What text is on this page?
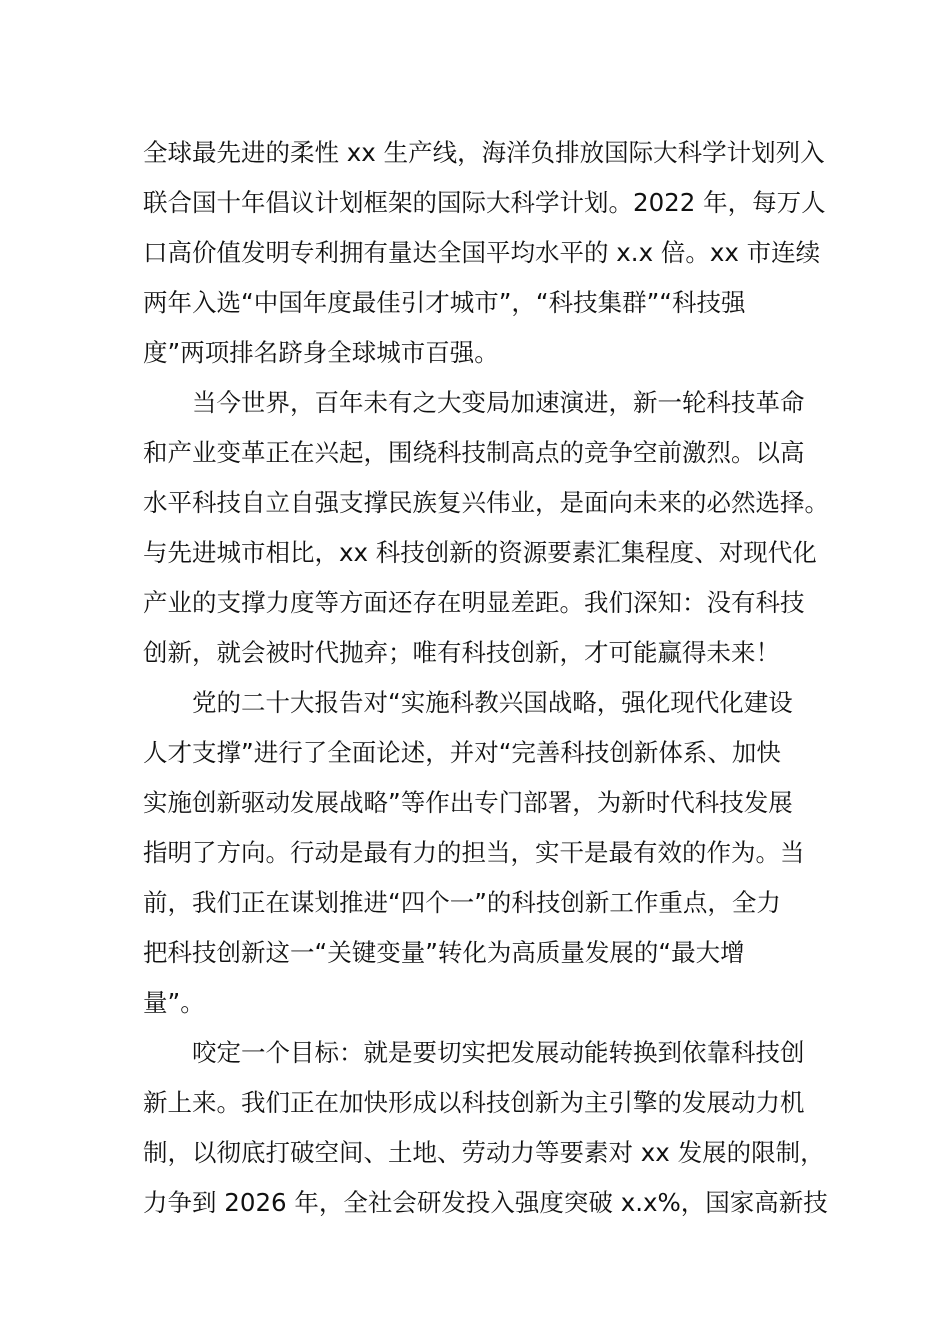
全球最先进的柔性 xx 生产线，海洋负排放国际大科学计划列入
联合国十年倡议计划框架的国际大科学计划。2022 年，每万人
口高价值发明专利拥有量达全国平均水平的 x.x 倍。xx 市连续
两年入选“中国年度最佳引才城市”，“科技集群”“科技强
度”两项排名跻身全球城市百强。
当今世界，百年未有之大变局加速演进，新一轮科技革命
和产业变革正在兴起，围绕科技制高点的竞争空前激烈。以高
水平科技自立自强支撑民族复兴伟业，是面向未来的必然选择。
与先进城市相比，xx 科技创新的资源要素汇集程度、对现代化
产业的支撑力度等方面还存在明显差距。我们深知：没有科技
创新，就会被时代抛弃；唯有科技创新，才可能赢得未来！
党的二十大报告对“实施科教兴国战略，强化现代化建设
人才支撑”进行了全面论述，并对“完善科技创新体系、加快
实施创新驱动发展战略”等作出专门部署，为新时代科技发展
指明了方向。行动是最有力的担当，实干是最有效的作为。当
前，我们正在谋划推进“四个一”的科技创新工作重点，全力
把科技创新这一“关键变量”转化为高质量发展的“最大增
量”。
咬定一个目标：就是要切实把发展动能转换到依靠科技创
新上来。我们正在加快形成以科技创新为主引擎的发展动力机
制，以彻底打破空间、土地、劳动力等要素对 xx 发展的限制，
力争到 2026 年，全社会研发投入强度突破 x.x%，国家高新技
